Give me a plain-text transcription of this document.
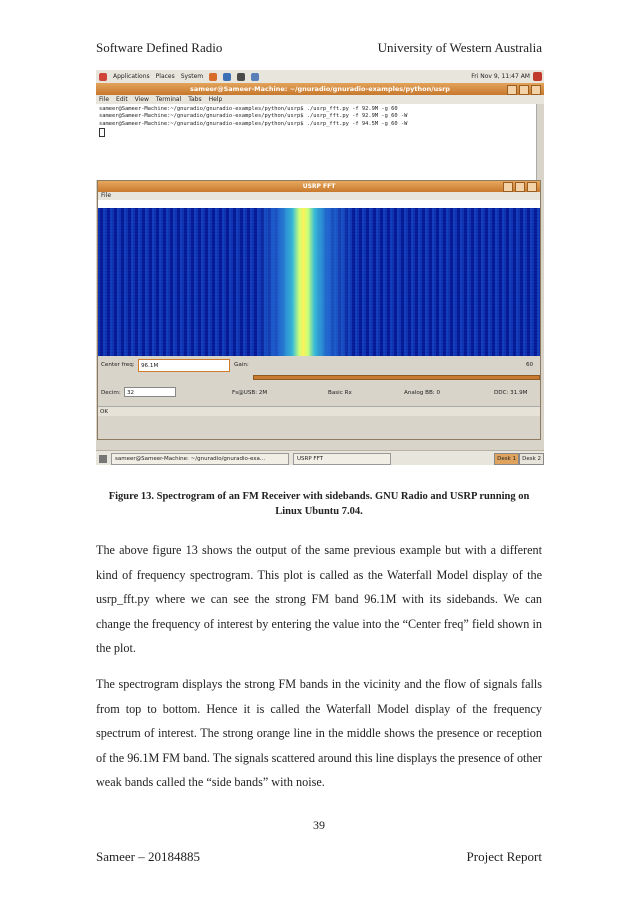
Software Defined Radio	University of Western Australia
Applications Places System	Fri Nov 9, 11:47 AM
sameer@Sameer-Machine: ~/gnuradio/gnuradio-examples/python/usrp
File Edit View Terminal Tabs Help
sameer@Sameer-Machine:~/gnuradio/gnuradio-examples/python/usrp$ ./usrp_fft.py -f 92.9M -g 60
sameer@Sameer-Machine:~/gnuradio/gnuradio-examples/python/usrp$ ./usrp_fft.py -f 92.9M -g 60 -W
sameer@Sameer-Machine:~/gnuradio/gnuradio-examples/python/usrp$ ./usrp_fft.py -f 94.5M -g 60 -W
USRP FFT
File
Center freq:	96.1M	Gain:	60
Decim:	32	Fs@USB: 2M	Basic Rx	Analog BB: 0	DDC: 31.9M
OK
sameer@Sameer-Machine: ~/gnuradio/gnuradio-exa...	USRP FFT	Desk 1	Desk 2
Figure 13. Spectrogram of an FM Receiver with sidebands. GNU Radio and USRP running on Linux Ubuntu 7.04.
The above figure 13 shows the output of the same previous example but with a different kind of frequency spectrogram. This plot is called as the Waterfall Model display of the usrp_fft.py where we can see the strong FM band 96.1M with its sidebands. We can change the frequency of interest by entering the value into the “Center freq” field shown in the plot.
The spectrogram displays the strong FM bands in the vicinity and the flow of signals falls from top to bottom. Hence it is called the Waterfall Model display of the frequency spectrum of interest. The strong orange line in the middle shows the presence or reception of the 96.1M FM band. The signals scattered around this line displays the presence of other weak bands called the “side bands” with noise.
39
Sameer – 20184885	Project Report
